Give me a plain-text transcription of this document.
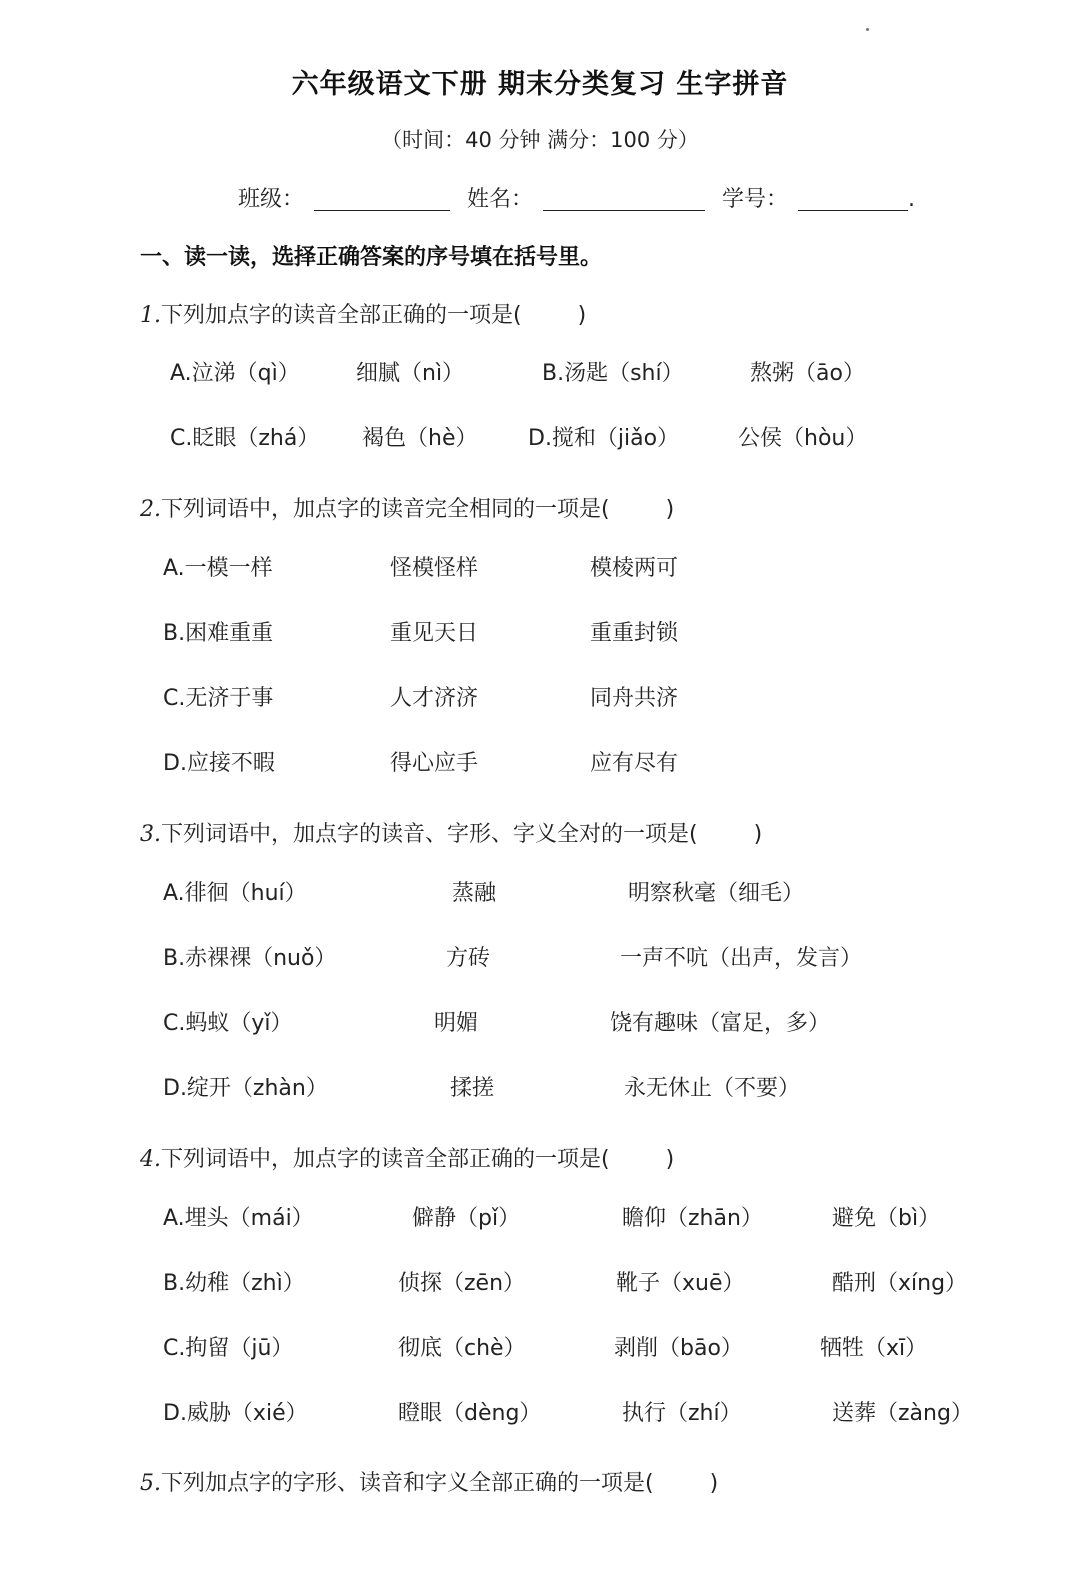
六年级语文下册 期末分类复习 生字拼音
（时间：40 分钟 满分：100 分）
班级：	姓名：	学号：	.
一、读一读，选择正确答案的序号填在括号里。
1.下列加点字的读音全部正确的一项是(	)
A.泣涕（qì）	细腻（nì）	B.汤匙（shí）	熬粥（āo）
C.眨眼（zhá） 褐色（hè） D.搅和（jiǎo）	公侯（hòu）
2.下列词语中，加点字的读音完全相同的一项是(	)
A.一模一样	怪模怪样	模棱两可
B.困难重重	重见天日	重重封锁
C.无济于事	人才济济	同舟共济
D.应接不暇	得心应手	应有尽有
3.下列词语中，加点字的读音、字形、字义全对的一项是(	)
A.徘徊（huí）	蒸融	明察秋毫（细毛）
B.赤裸裸（nuǒ）	方砖	一声不吭（出声，发言）
C.蚂蚁（yǐ）	明媚	饶有趣味（富足，多）
D.绽开（zhàn）	揉搓	永无休止（不要）
4.下列词语中，加点字的读音全部正确的一项是(	)
A.埋头（mái）	僻静（pǐ）	瞻仰（zhān）	避免（bì）
B.幼稚（zhì）	侦探（zēn）	靴子（xuē）	酷刑（xíng）
C.拘留（jū）	彻底（chè）	剥削（bāo）	牺牲（xī）
D.威胁（xié）	瞪眼（dèng）	执行（zhí）	送葬（zàng）
5.下列加点字的字形、读音和字义全部正确的一项是(	)
